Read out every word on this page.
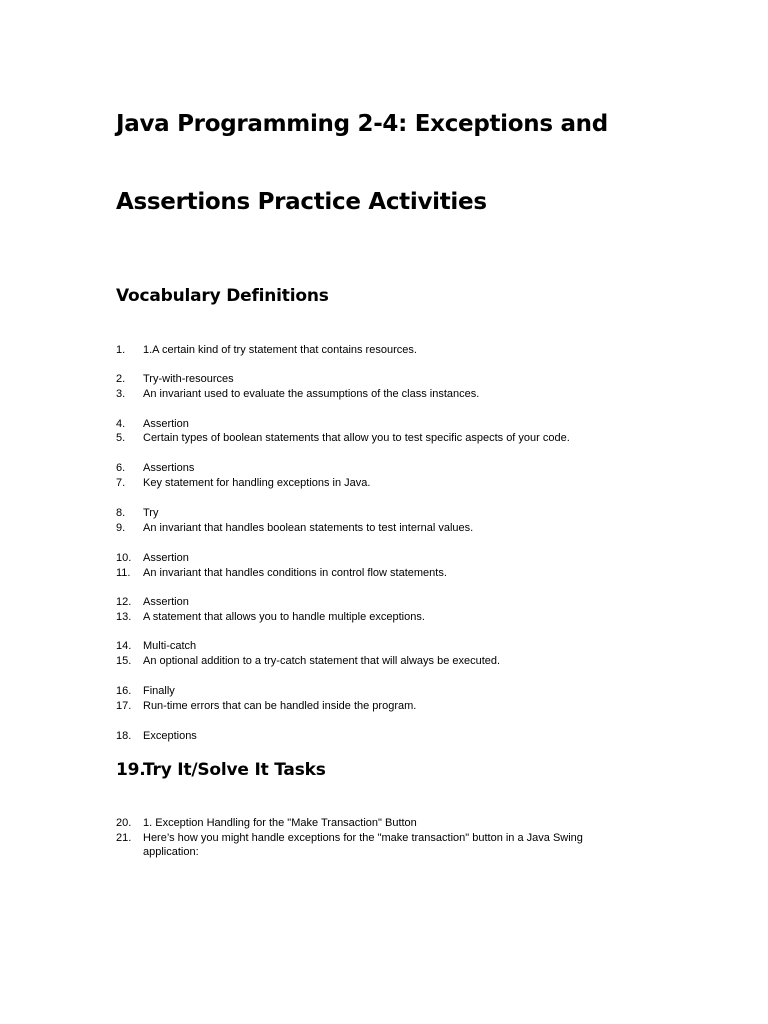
Java Programming 2-4: Exceptions and
Assertions Practice Activities
Vocabulary Definitions
1. 1.A certain kind of try statement that contains resources.
2. Try-with-resources
3. An invariant used to evaluate the assumptions of the class instances.
4. Assertion
5. Certain types of boolean statements that allow you to test specific aspects of your code.
6. Assertions
7. Key statement for handling exceptions in Java.
8. Try
9. An invariant that handles boolean statements to test internal values.
10. Assertion
11. An invariant that handles conditions in control flow statements.
12. Assertion
13. A statement that allows you to handle multiple exceptions.
14. Multi-catch
15. An optional addition to a try-catch statement that will always be executed.
16. Finally
17. Run-time errors that can be handled inside the program.
18. Exceptions
19.Try It/Solve It Tasks
20. 1. Exception Handling for the "Make Transaction" Button
21. Here’s how you might handle exceptions for the "make transaction" button in a Java Swing application:
